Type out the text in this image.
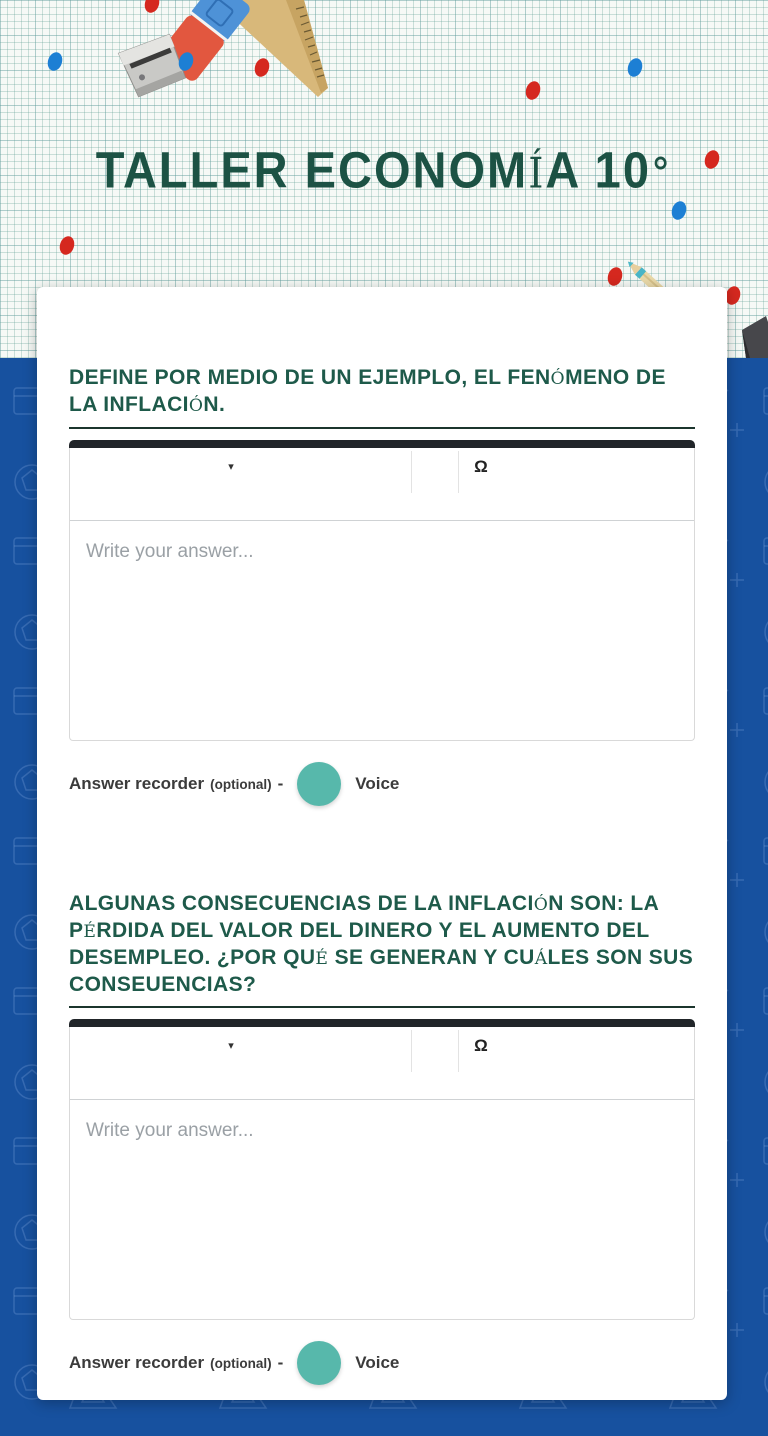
TALLER ECONOMÍA 10°
DEFINE POR MEDIO DE UN EJEMPLO, EL FENÓMENO DE LA INFLACIÓN.
▾	Ω
Write your answer...
Answer recorder (optional) -	Voice
ALGUNAS CONSECUENCIAS DE LA INFLACIÓN SON: LA PÉRDIDA DEL VALOR DEL DINERO Y EL AUMENTO DEL DESEMPLEO. ¿POR QUÉ SE GENERAN Y CUÁLES SON SUS CONSEUENCIAS?
▾	Ω
Write your answer...
Answer recorder (optional) -	Voice
